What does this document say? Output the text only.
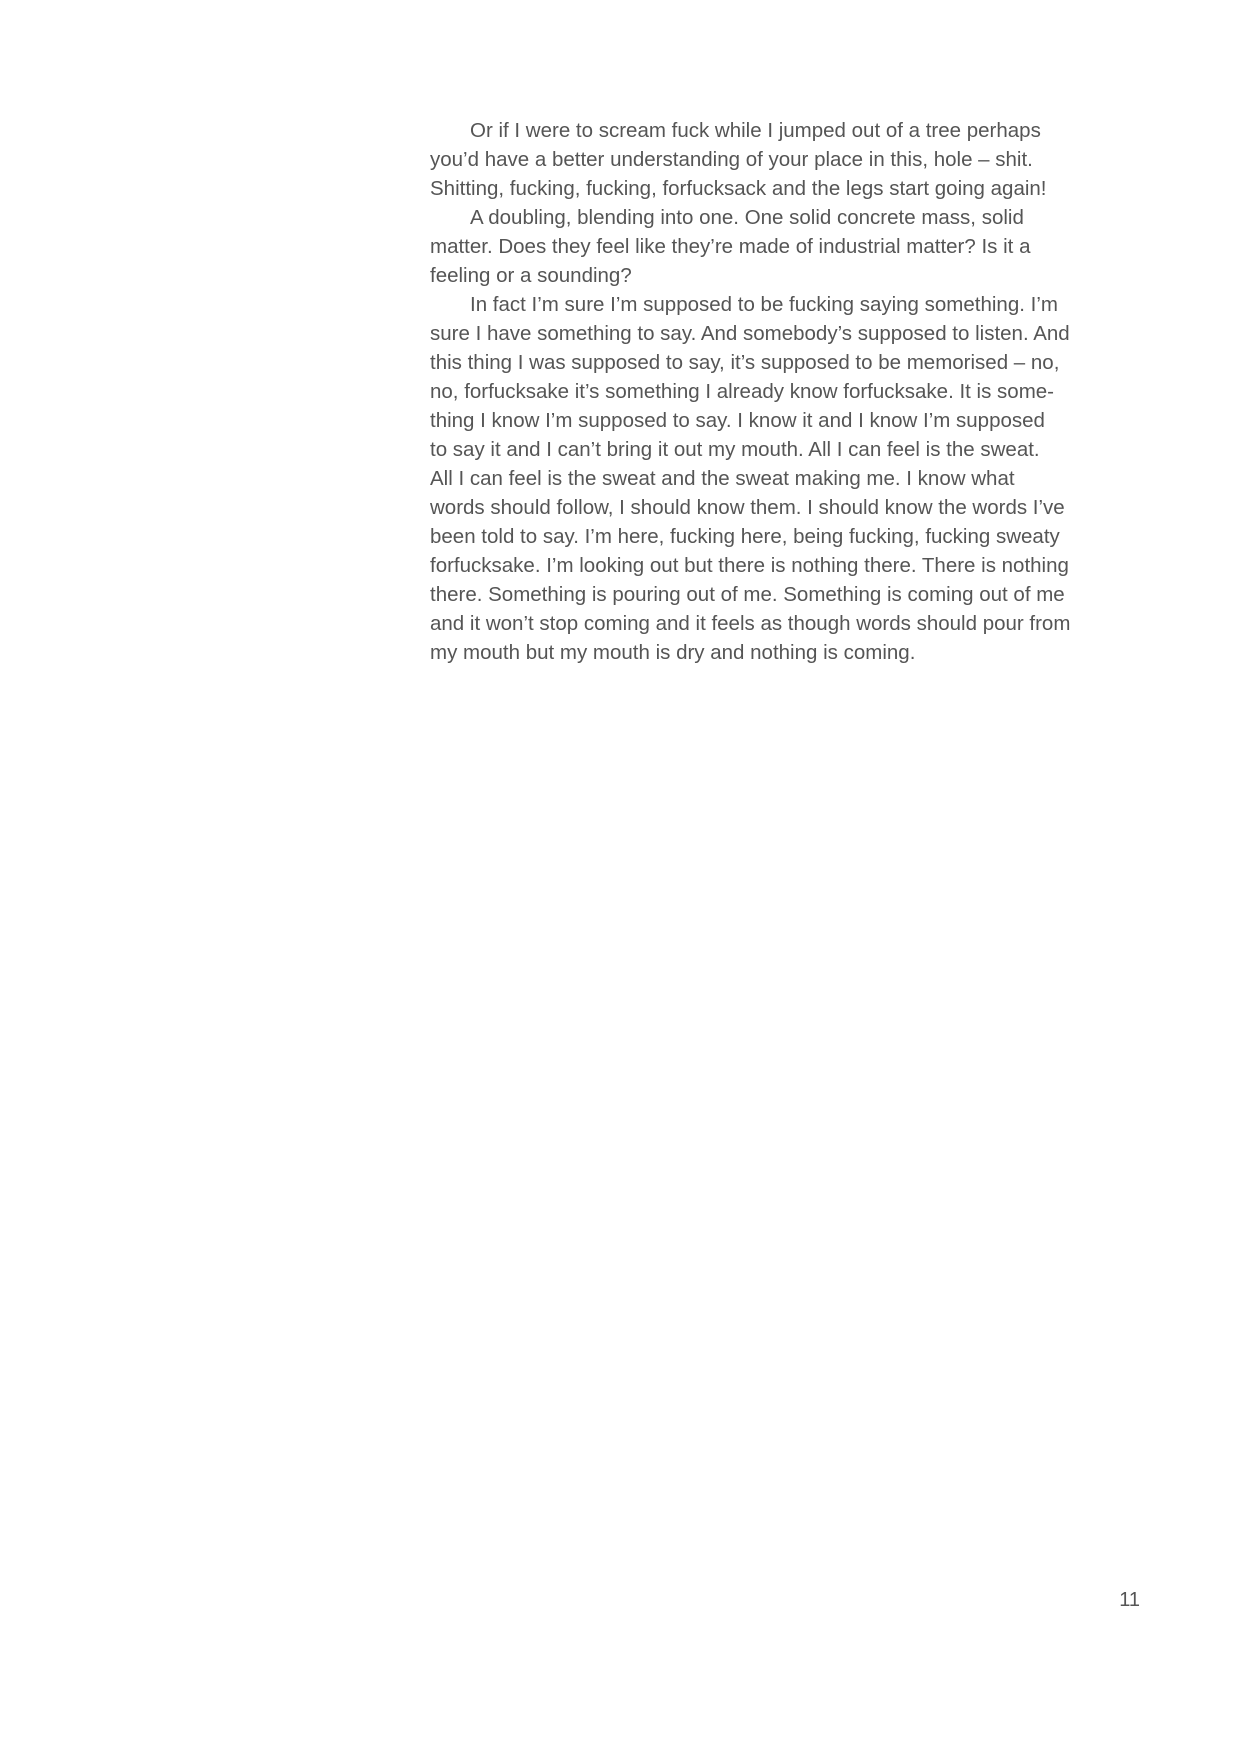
Or if I were to scream fuck while I jumped out of a tree perhaps
you’d have a better understanding of your place in this, hole – shit.
Shitting, fucking, fucking, forfucksack and the legs start going again!

A doubling, blending into one. One solid concrete mass, solid
matter. Does they feel like they’re made of industrial matter? Is it a
feeling or a sounding?

In fact I’m sure I’m supposed to be fucking saying something. I’m
sure I have something to say. And somebody’s supposed to listen. And
this thing I was supposed to say, it’s supposed to be memorised – no,
no, forfucksake it’s something I already know forfucksake. It is some-
thing I know I’m supposed to say. I know it and I know I’m supposed
to say it and I can’t bring it out my mouth. All I can feel is the sweat.
All I can feel is the sweat and the sweat making me. I know what
words should follow, I should know them. I should know the words I’ve
been told to say. I’m here, fucking here, being fucking, fucking sweaty
forfucksake. I’m looking out but there is nothing there. There is nothing
there. Something is pouring out of me. Something is coming out of me
and it won’t stop coming and it feels as though words should pour from
my mouth but my mouth is dry and nothing is coming.

11
